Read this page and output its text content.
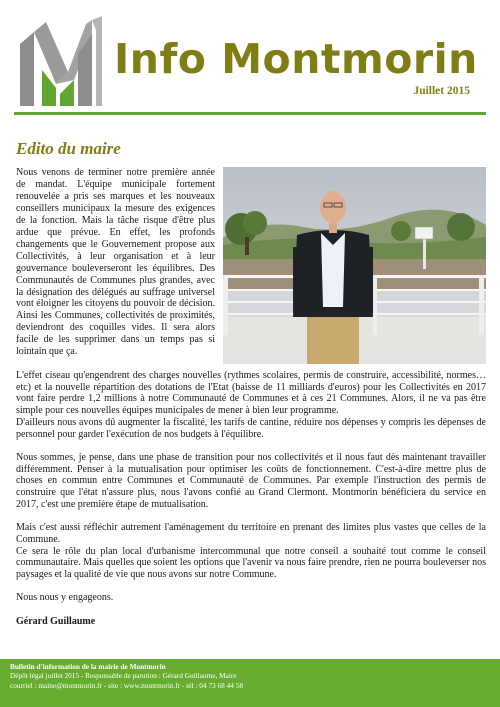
Info Montmorin
Juillet 2015
Edito du maire

Nous venons de terminer notre première année de mandat. L'équipe municipale fortement renouvelée a pris ses marques et les nouveaux conseillers municipaux la mesure des exigences de la fonction. Mais la tâche risque d'être plus ardue que prévue. En effet, les profonds changements que le Gouvernement propose aux Collectivités, à leur organisation et à leur gouvernance bouleverseront les équilibres. Des Communautés de Communes plus grandes, avec la désignation des délégués au suffrage universel vont éloigner les citoyens du pouvoir de décision. Ainsi les Communes, collectivités de proximités, deviendront des coquilles vides. Il sera alors facile de les supprimer dans un temps pas si lointain que ça.

L'effet ciseau qu'engendrent des charges nouvelles (rythmes scolaires, permis de construire, accessibilité, normes… etc) et la nouvelle répartition des dotations de l'Etat (baisse de 11 milliards d'euros) pour les Collectivités en 2017 vont faire perdre 1,2 millions à notre Communauté de Communes et à ces 21 Communes. Alors, il ne va pas être simple pour ces nouvelles équipes municipales de mener à bien leur programme.

D'ailleurs nous avons dû augmenter la fiscalité, les tarifs de cantine, réduire nos dépenses y compris les dépenses de personnel pour garder l'exécution de nos budgets à l'équilibre.

Nous sommes, je pense, dans une phase de transition pour nos collectivités et il nous faut dès maintenant travailler différemment. Penser à la mutualisation pour optimiser les coûts de fonctionnement. C'est-à-dire mettre plus de choses en commun entre Communes et Communauté de Communes. Par exemple l'instruction des permis de construire que l'état n'assure plus, nous l'avons confié au Grand Clermont. Montmorin bénéficiera du service en 2017, c'est une première étape de mutualisation.

Mais c'est aussi réfléchir autrement l'aménagement du territoire en prenant des limites plus vastes que celles de la Commune.

Ce sera le rôle du plan local d'urbanisme intercommunal que notre conseil a souhaité tout comme le conseil communautaire. Mais quelles que soient les options que l'avenir va nous faire prendre, rien ne pourra bouleverser nos paysages et la qualité de vie que nous avons sur notre Commune.

Nous nous y engageons.

Gérard Guillaume

Bulletin d'information de la mairie de Montmorin
Dépôt légal juillet 2015 - Responsable de parution : Gérard Guillaume, Maire
courriel : maine@montmorin.fr - site : www.montmorin.fr - tél : 04 73 68 44 58
